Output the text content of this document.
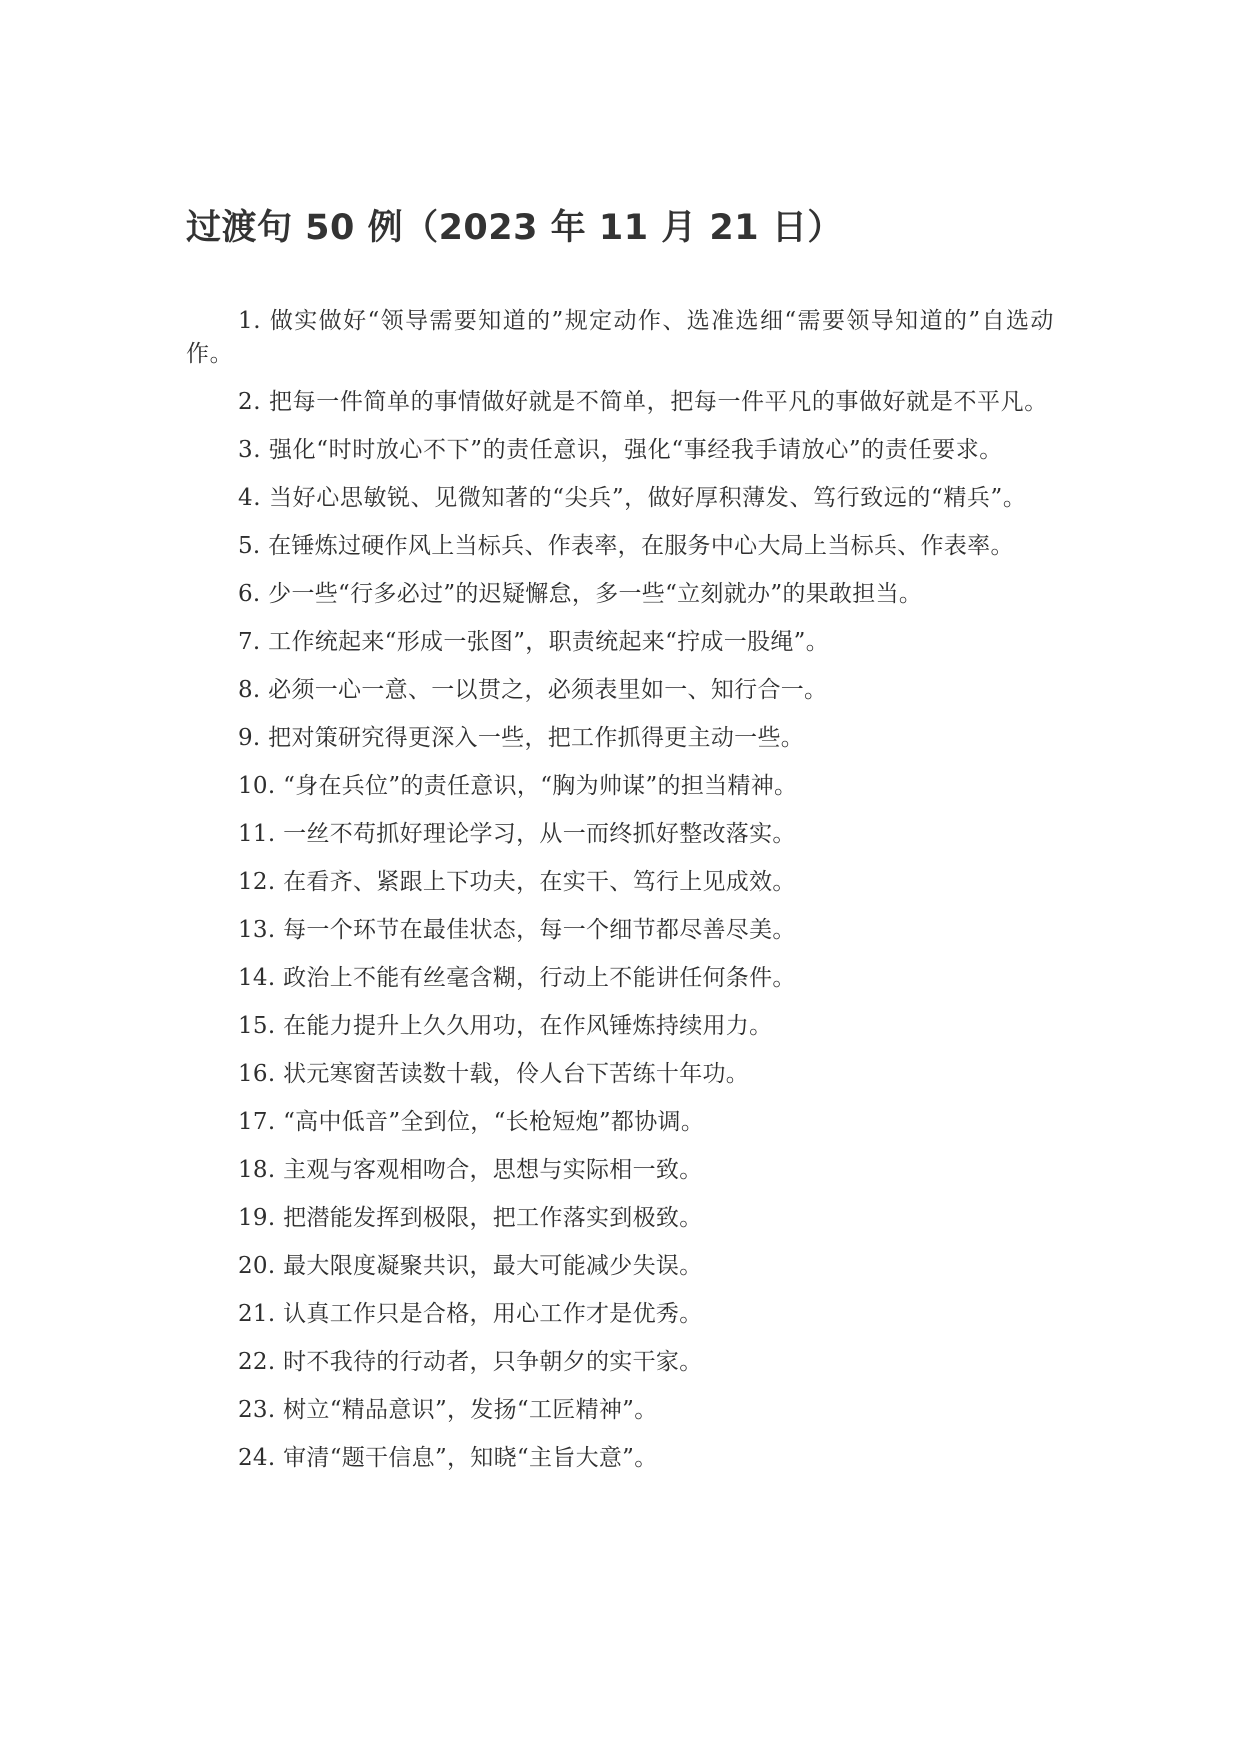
过渡句 50 例（2023 年 11 月 21 日）

1. 做实做好“领导需要知道的”规定动作、选准选细“需要领导知道的”自选动作。

2. 把每一件简单的事情做好就是不简单，把每一件平凡的事做好就是不平凡。

3. 强化“时时放心不下”的责任意识，强化“事经我手请放心”的责任要求。

4. 当好心思敏锐、见微知著的“尖兵”，做好厚积薄发、笃行致远的“精兵”。

5. 在锤炼过硬作风上当标兵、作表率，在服务中心大局上当标兵、作表率。

6. 少一些“行多必过”的迟疑懈怠，多一些“立刻就办”的果敢担当。

7. 工作统起来“形成一张图”，职责统起来“拧成一股绳”。

8. 必须一心一意、一以贯之，必须表里如一、知行合一。

9. 把对策研究得更深入一些，把工作抓得更主动一些。

10. “身在兵位”的责任意识，“胸为帅谋”的担当精神。

11. 一丝不苟抓好理论学习，从一而终抓好整改落实。

12. 在看齐、紧跟上下功夫，在实干、笃行上见成效。

13. 每一个环节在最佳状态，每一个细节都尽善尽美。

14. 政治上不能有丝毫含糊，行动上不能讲任何条件。

15. 在能力提升上久久用功，在作风锤炼持续用力。

16. 状元寒窗苦读数十载，伶人台下苦练十年功。

17. “高中低音”全到位，“长枪短炮”都协调。

18. 主观与客观相吻合，思想与实际相一致。

19. 把潜能发挥到极限，把工作落实到极致。

20. 最大限度凝聚共识，最大可能减少失误。

21. 认真工作只是合格，用心工作才是优秀。

22. 时不我待的行动者，只争朝夕的实干家。

23. 树立“精品意识”，发扬“工匠精神”。

24. 审清“题干信息”，知晓“主旨大意”。
